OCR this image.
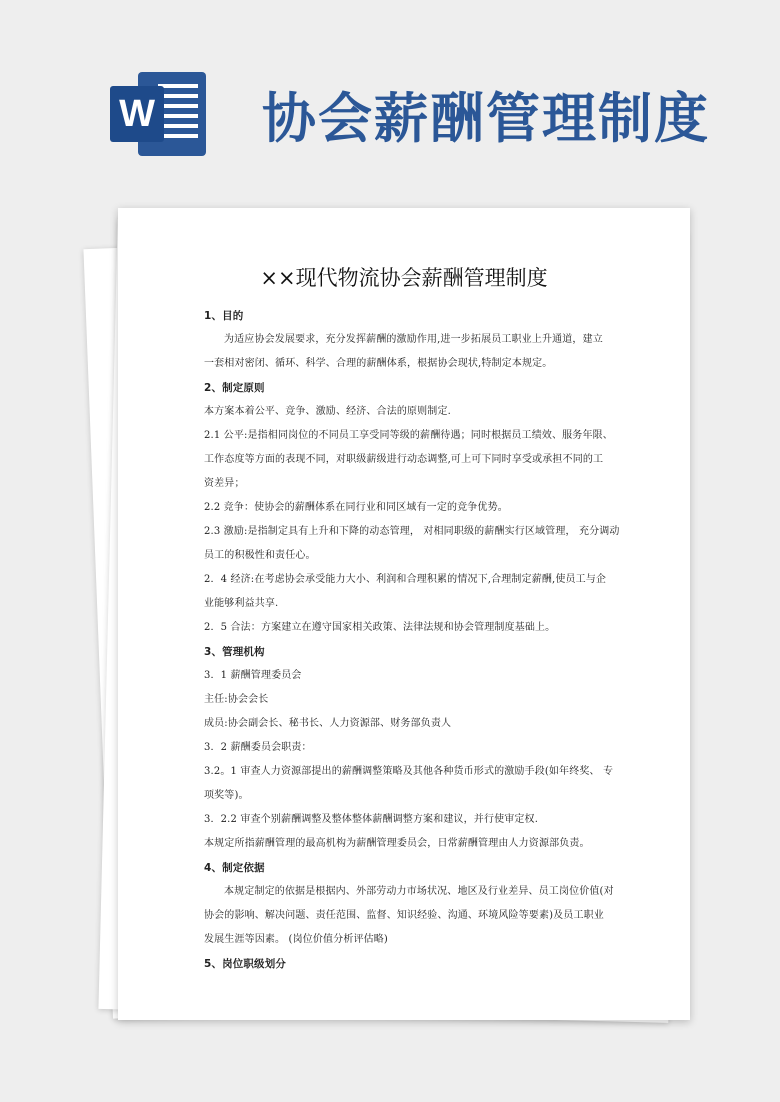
W 协会薪酬管理制度
××现代物流协会薪酬管理制度
1、目的
为适应协会发展要求，充分发挥薪酬的激励作用,进一步拓展员工职业上升通道，建立
一套相对密闭、循环、科学、合理的薪酬体系，根据协会现状,特制定本规定。
2、制定原则
本方案本着公平、竞争、激励、经济、合法的原则制定.
2.1 公平:是指相同岗位的不同员工享受同等级的薪酬待遇；同时根据员工绩效、服务年限、
工作态度等方面的表现不同，对职级薪级进行动态调整,可上可下同时享受或承担不同的工
资差异；
2.2 竞争：使协会的薪酬体系在同行业和同区域有一定的竞争优势。
2.3 激励:是指制定具有上升和下降的动态管理， 对相同职级的薪酬实行区域管理， 充分调动
员工的积极性和责任心。
2．4 经济:在考虑协会承受能力大小、利润和合理积累的情况下,合理制定薪酬,使员工与企
业能够利益共享.
2．5 合法：方案建立在遵守国家相关政策、法律法规和协会管理制度基础上。
3、管理机构
3．1 薪酬管理委员会
主任:协会会长
成员:协会副会长、秘书长、人力资源部、财务部负责人
3．2 薪酬委员会职责：
3.2。1 审查人力资源部提出的薪酬调整策略及其他各种货币形式的激励手段(如年终奖、 专
项奖等)。
3．2.2 审查个别薪酬调整及整体整体薪酬调整方案和建议，并行使审定权.
本规定所指薪酬管理的最高机构为薪酬管理委员会，日常薪酬管理由人力资源部负责。
4、制定依据
本规定制定的依据是根据内、外部劳动力市场状况、地区及行业差异、员工岗位价值(对
协会的影响、解决问题、责任范围、监督、知识经验、沟通、环境风险等要素)及员工职业
发展生涯等因素。 (岗位价值分析评估略)
5、岗位职级划分
